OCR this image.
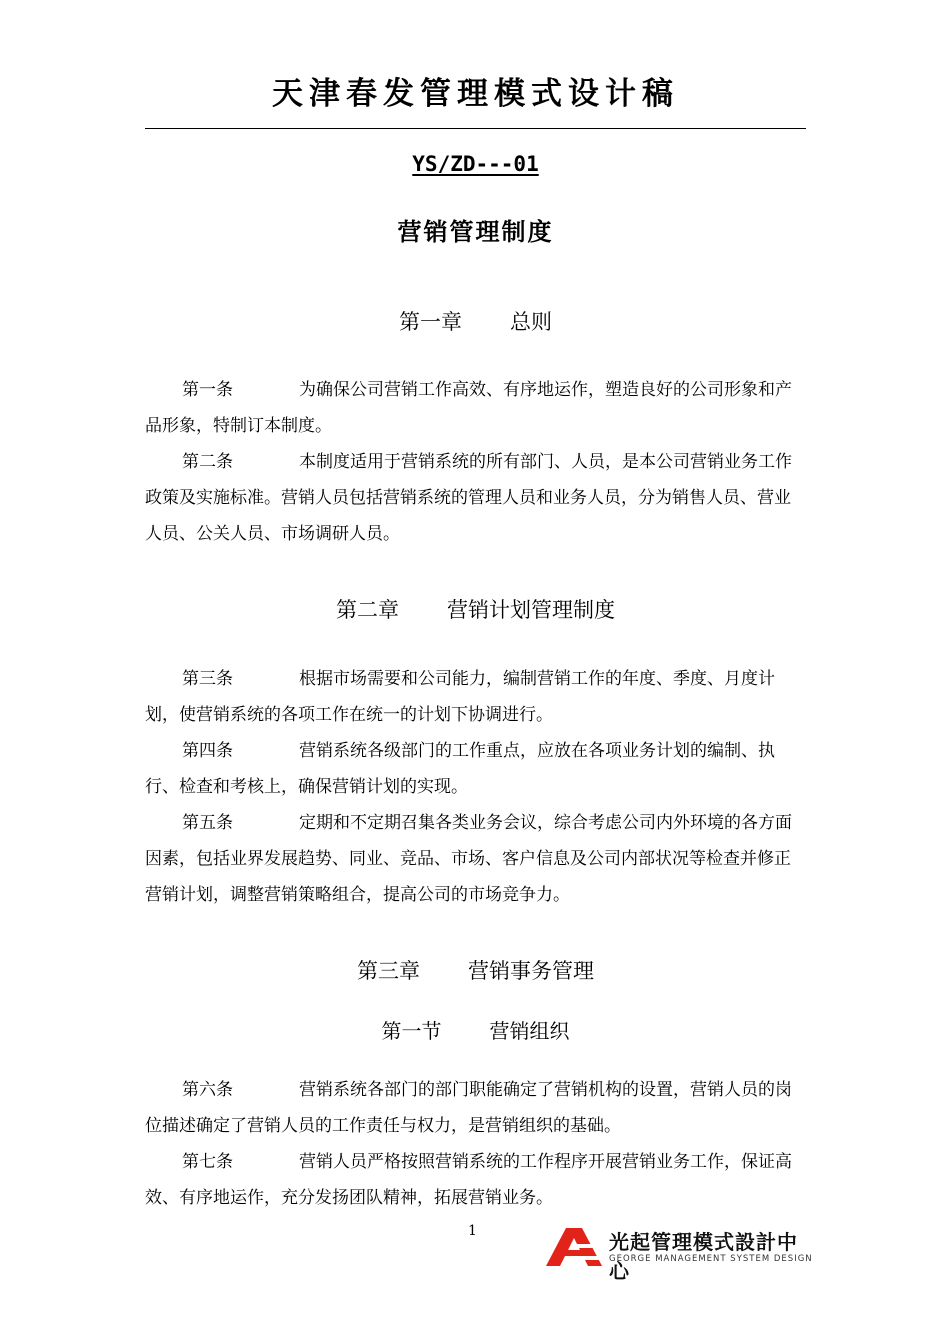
天津春发管理模式设计稿
YS/ZD---01
营销管理制度
第一章 总则

第一条	为确保公司营销工作高效、有序地运作，塑造良好的公司形象和产品形象，特制订本制度。

第二条	本制度适用于营销系统的所有部门、人员，是本公司营销业务工作政策及实施标准。营销人员包括营销系统的管理人员和业务人员，分为销售人员、营业人员、公关人员、市场调研人员。

第二章 营销计划管理制度

第三条	根据市场需要和公司能力，编制营销工作的年度、季度、月度计划，使营销系统的各项工作在统一的计划下协调进行。

第四条	营销系统各级部门的工作重点，应放在各项业务计划的编制、执行、检查和考核上，确保营销计划的实现。

第五条	定期和不定期召集各类业务会议，综合考虑公司内外环境的各方面因素，包括业界发展趋势、同业、竞品、市场、客户信息及公司内部状况等检查并修正营销计划，调整营销策略组合，提高公司的市场竞争力。

第三章 营销事务管理
第一节 营销组织

第六条	营销系统各部门的部门职能确定了营销机构的设置，营销人员的岗位描述确定了营销人员的工作责任与权力，是营销组织的基础。

第七条	营销人员严格按照营销系统的工作程序开展营销业务工作，保证高效、有序地运作，充分发扬团队精神，拓展营销业务。

1	光起管理模式設計中心
GEORGE MANAGEMENT SYSTEM DESIGN
